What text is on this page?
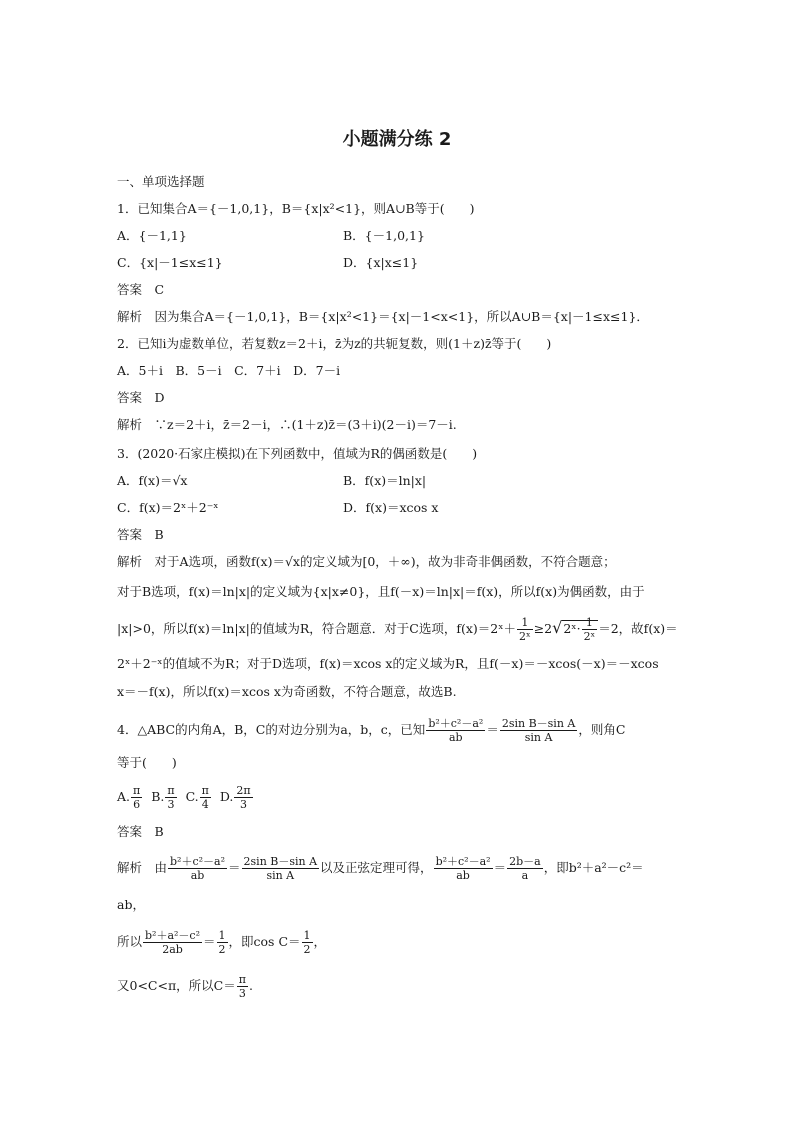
小题满分练 2
一、单项选择题
1．已知集合A＝{－1,0,1}，B＝{x|x²<1}，则A∪B等于(　　)
A．{－1,1}	B．{－1,0,1}
C．{x|－1≤x≤1}	D．{x|x≤1}
答案　C
解析　因为集合A＝{－1,0,1}，B＝{x|x²<1}＝{x|－1<x<1}，所以A∪B＝{x|－1≤x≤1}．
2．已知i为虚数单位，若复数z＝2＋i，z̄为z的共轭复数，则(1＋z)z̄等于(　　)
A．5＋i　B．5－i　C．7＋i　D．7－i
答案　D
解析　∵z＝2＋i，z̄＝2－i，∴(1＋z)z̄＝(3＋i)(2－i)＝7－i.
3．(2020·石家庄模拟)在下列函数中，值域为R的偶函数是(　　)
A．f(x)＝√x	B．f(x)＝ln|x|
C．f(x)＝2ˣ＋2⁻ˣ	D．f(x)＝xcos x
答案　B
解析　对于A选项，函数f(x)＝√x的定义域为[0，＋∞)，故为非奇非偶函数，不符合题意；
对于B选项，f(x)＝ln|x|的定义域为{x|x≠0}，且f(－x)＝ln|x|＝f(x)，所以f(x)为偶函数，由于
|x|>0，所以f(x)＝ln|x|的值域为R，符合题意．对于C选项，f(x)＝2ˣ＋ $\frac{1}{\text{2ˣ}}$ ≥2√2ˣ· $\frac{1}{\text{2ˣ}} =2$，故f(x)＝
2ˣ＋2⁻ˣ的值域不为R；对于D选项，f(x)＝xcos x的定义域为R，且f(－x)＝－xcos(－x)＝－xcos
x＝－f(x)，所以f(x)＝xcos x为奇函数，不符合题意，故选B.
4．△ABC的内角A，B，C的对边分别为a，b，c，已知 $\frac{\text{b²＋c²－a²}}{ab} = \frac{\text{2sin B－sin A}}{\text{sin A}}$ ，则角C
等于(　　)
A. $\frac{\pi}{6} B$. $\frac{\pi}{3} C$. $\frac{\pi}{4} D$. $\frac{2\pi}{3}$
答案　B
解析　由 $\frac{\text{b²＋c²－a²}}{ab} = \frac{\text{2sin B－sin A}}{\text{sin A}}$ 以及正弦定理可得， $\frac{\text{b²＋c²－a²}}{ab} = \frac{2b-a}{a}$ ，即b²＋a²－c²＝
ab，
所以 $\frac{\text{b²＋a²－c²}}{2ab} = \frac{1}{2}$ ，即$\cos C= \frac{1}{2}$ ，
又0<C<π，所以$C= \frac{\pi}{3}$ .
